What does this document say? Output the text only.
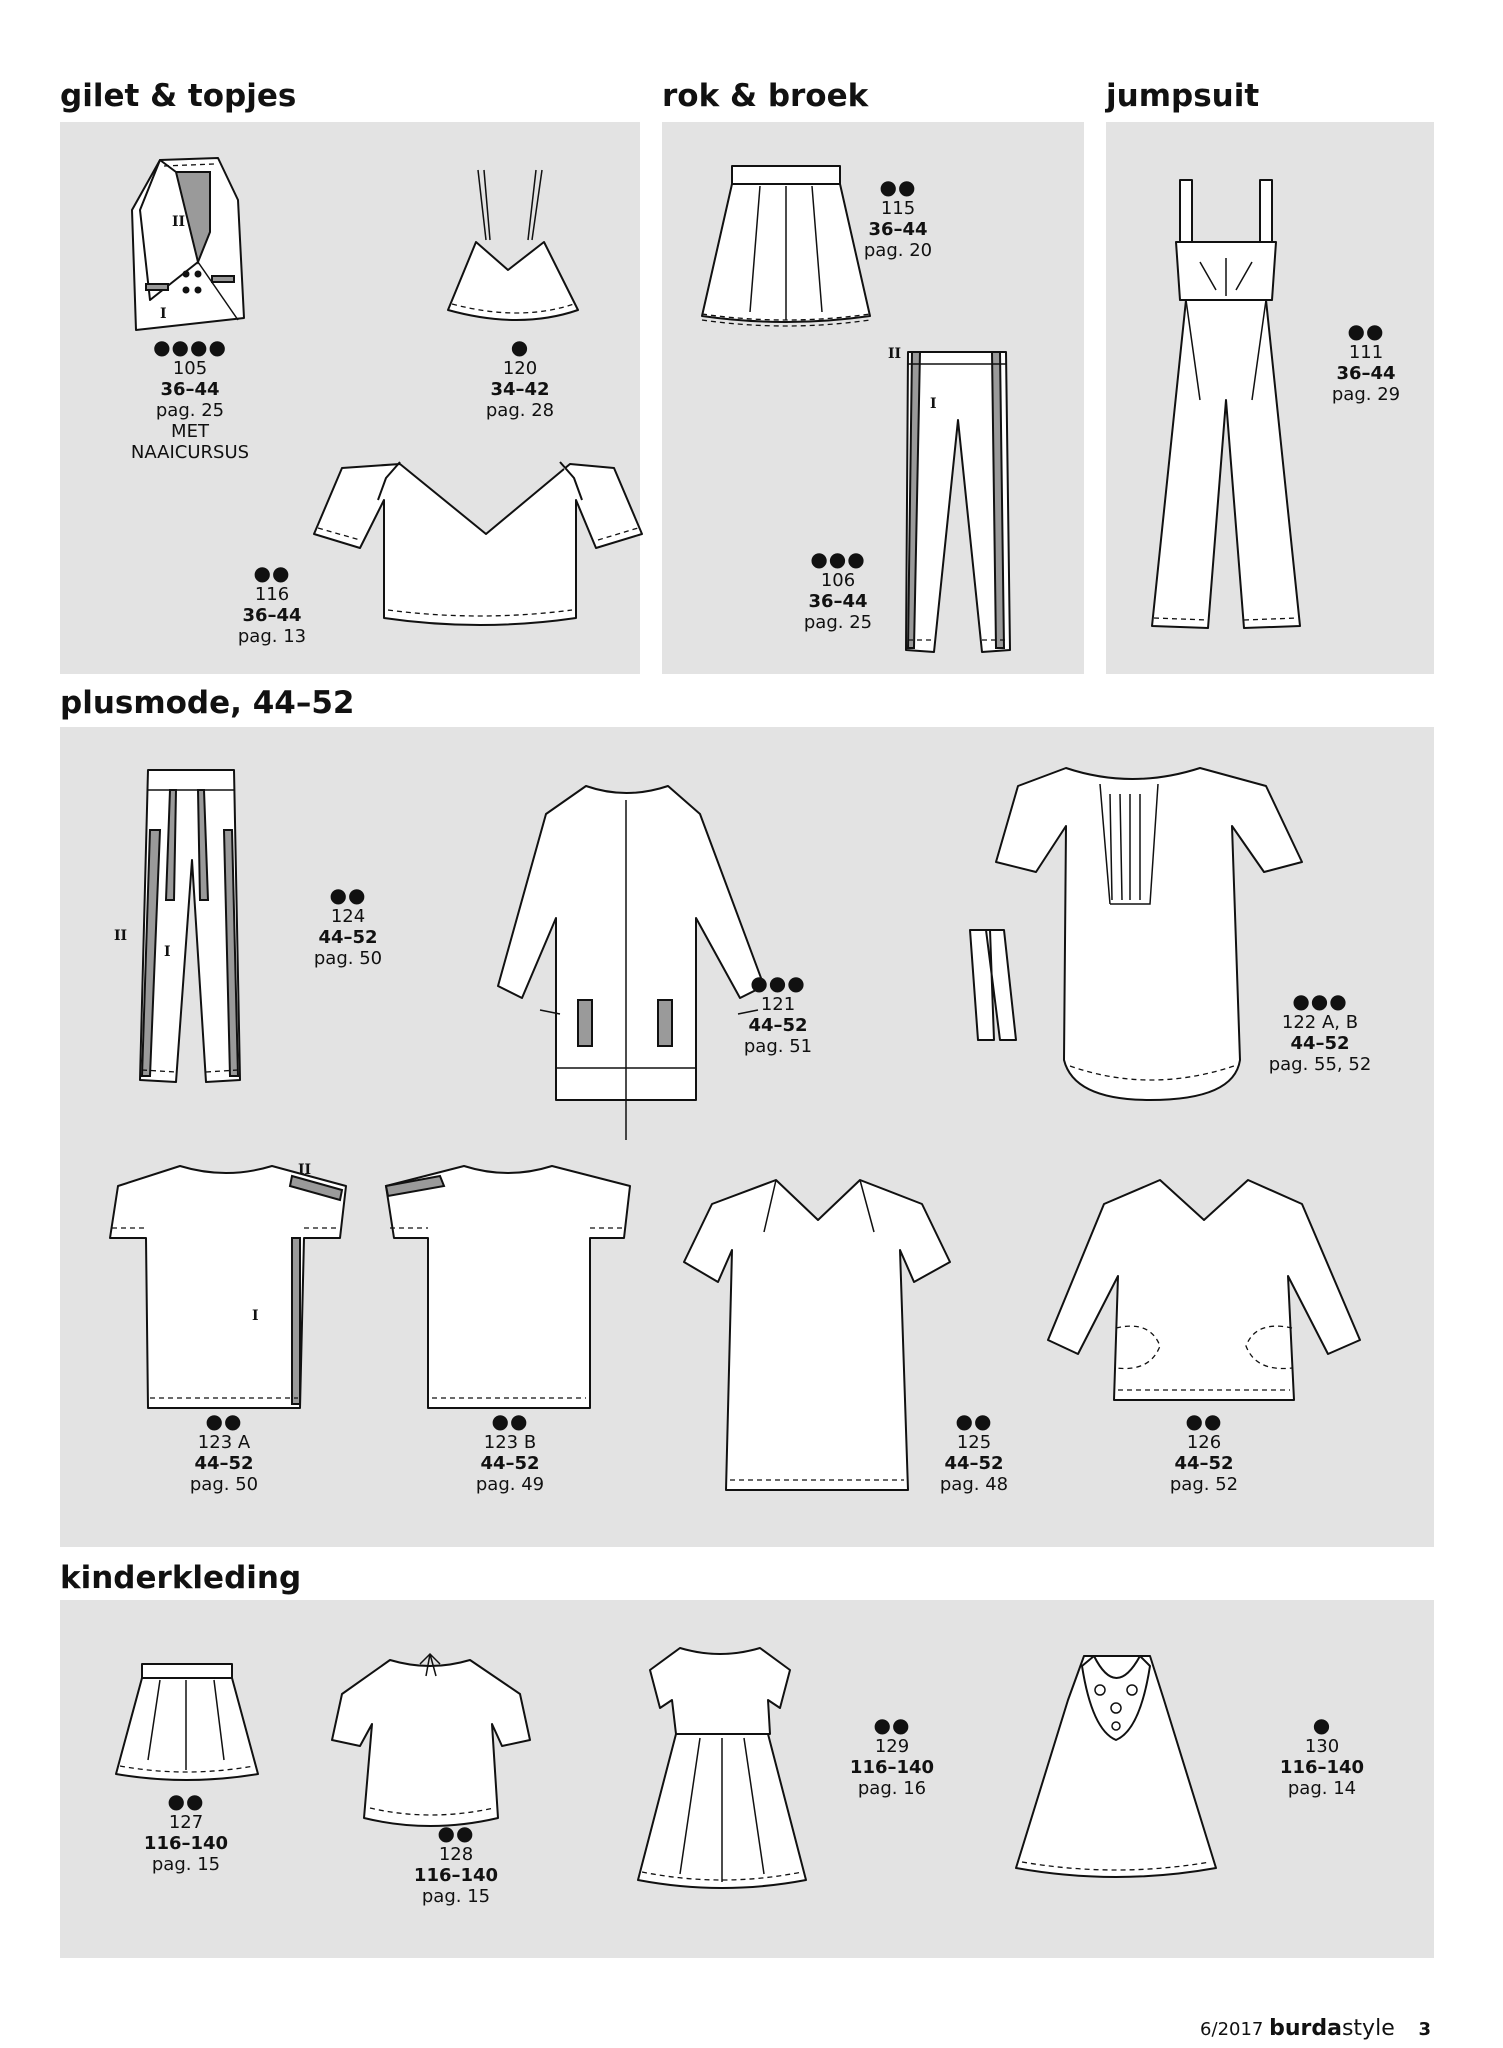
gilet & topjes	rok & broek	jumpsuit
plusmode, 44–52
kinderkleding
II
I
II
I
II
I
II
I
●●●●
105
36–44
pag. 25
MET NAAICURSUS
●
120
34–42
pag. 28
●●
116
36–44
pag. 13
●●
115
36–44
pag. 20
●●●
106
36–44
pag. 25
●●
111
36–44
pag. 29
●●
124
44–52
pag. 50
●●●
121
44–52
pag. 51
●●●
122 A, B
44–52
pag. 55, 52
●●
123 A
44–52
pag. 50
●●
123 B
44–52
pag. 49
●●
125
44–52
pag. 48
●●
126
44–52
pag. 52
●●
127
116–140
pag. 15
●●
128
116–140
pag. 15
●●
129
116–140
pag. 16
●
130
116–140
pag. 14
6/2017 burdastyle 3
